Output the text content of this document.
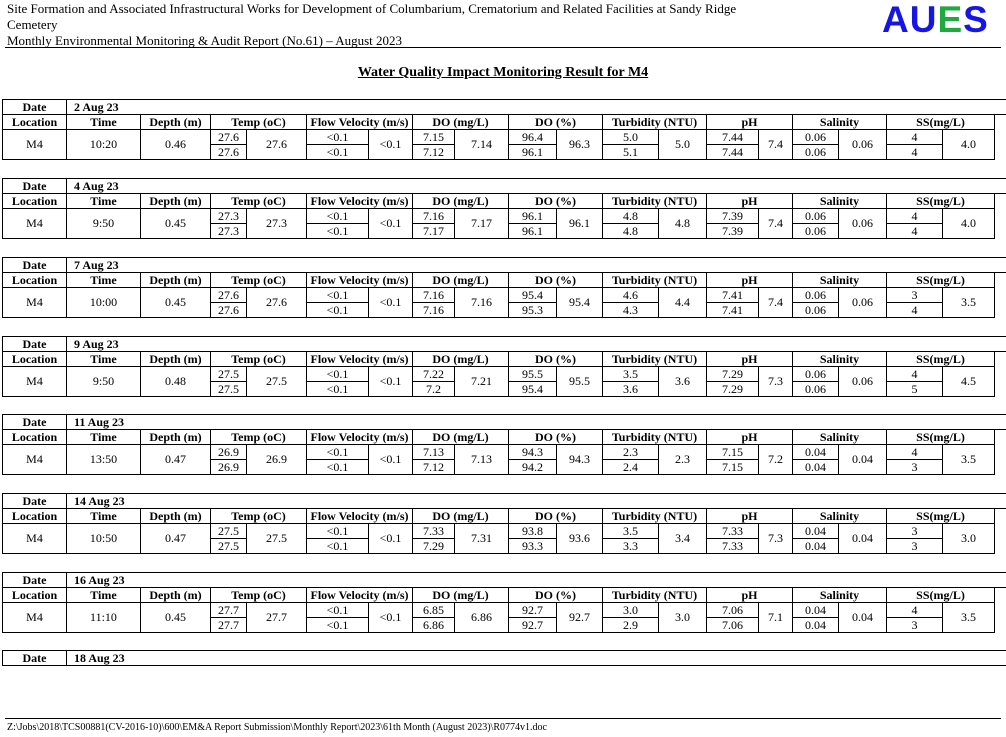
Site Formation and Associated Infrastructural Works for Development of Columbarium, Crematorium and Related Facilities at Sandy Ridge
Cemetery
Monthly Environmental Monitoring & Audit Report (No.61) – August 2023
AUES
Water Quality Impact Monitoring Result for M4
Date	2 Aug 23																	
Location	Time	Depth (m)	Temp (oC)		Flow Velocity (m/s)		DO (mg/L)		DO (%)		Turbidity (NTU)		pH		Salinity		SS(mg/L)	
M4	10:20	0.46	27.6	27.6	<0.1	<0.1	7.15	7.14	96.4	96.3	5.0	5.0	7.44	7.4	0.06	0.06	4	4.0
			27.6		<0.1		7.12		96.1		5.1		7.44		0.06		4	
Date	4 Aug 23																	
Location	Time	Depth (m)	Temp (oC)		Flow Velocity (m/s)		DO (mg/L)		DO (%)		Turbidity (NTU)		pH		Salinity		SS(mg/L)	
M4	9:50	0.45	27.3	27.3	<0.1	<0.1	7.16	7.17	96.1	96.1	4.8	4.8	7.39	7.4	0.06	0.06	4	4.0
			27.3		<0.1		7.17		96.1		4.8		7.39		0.06		4	
Date	7 Aug 23																	
Location	Time	Depth (m)	Temp (oC)		Flow Velocity (m/s)		DO (mg/L)		DO (%)		Turbidity (NTU)		pH		Salinity		SS(mg/L)	
M4	10:00	0.45	27.6	27.6	<0.1	<0.1	7.16	7.16	95.4	95.4	4.6	4.4	7.41	7.4	0.06	0.06	3	3.5
			27.6		<0.1		7.16		95.3		4.3		7.41		0.06		4	
Date	9 Aug 23																	
Location	Time	Depth (m)	Temp (oC)		Flow Velocity (m/s)		DO (mg/L)		DO (%)		Turbidity (NTU)		pH		Salinity		SS(mg/L)	
M4	9:50	0.48	27.5	27.5	<0.1	<0.1	7.22	7.21	95.5	95.5	3.5	3.6	7.29	7.3	0.06	0.06	4	4.5
			27.5		<0.1		7.2		95.4		3.6		7.29		0.06		5	
Date	11 Aug 23																	
Location	Time	Depth (m)	Temp (oC)		Flow Velocity (m/s)		DO (mg/L)		DO (%)		Turbidity (NTU)		pH		Salinity		SS(mg/L)	
M4	13:50	0.47	26.9	26.9	<0.1	<0.1	7.13	7.13	94.3	94.3	2.3	2.3	7.15	7.2	0.04	0.04	4	3.5
			26.9		<0.1		7.12		94.2		2.4		7.15		0.04		3	
Date	14 Aug 23																	
Location	Time	Depth (m)	Temp (oC)		Flow Velocity (m/s)		DO (mg/L)		DO (%)		Turbidity (NTU)		pH		Salinity		SS(mg/L)	
M4	10:50	0.47	27.5	27.5	<0.1	<0.1	7.33	7.31	93.8	93.6	3.5	3.4	7.33	7.3	0.04	0.04	3	3.0
			27.5		<0.1		7.29		93.3		3.3		7.33		0.04		3	
Date	16 Aug 23																	
Location	Time	Depth (m)	Temp (oC)		Flow Velocity (m/s)		DO (mg/L)		DO (%)		Turbidity (NTU)		pH		Salinity		SS(mg/L)	
M4	11:10	0.45	27.7	27.7	<0.1	<0.1	6.85	6.86	92.7	92.7	3.0	3.0	7.06	7.1	0.04	0.04	4	3.5
			27.7		<0.1		6.86		92.7		2.9		7.06		0.04		3	
Date	18 Aug 23	
Z:\Jobs\2018\TCS00881(CV-2016-10)\600\EM&A Report Submission\Monthly Report\2023\61th Month (August 2023)\R0774v1.doc
